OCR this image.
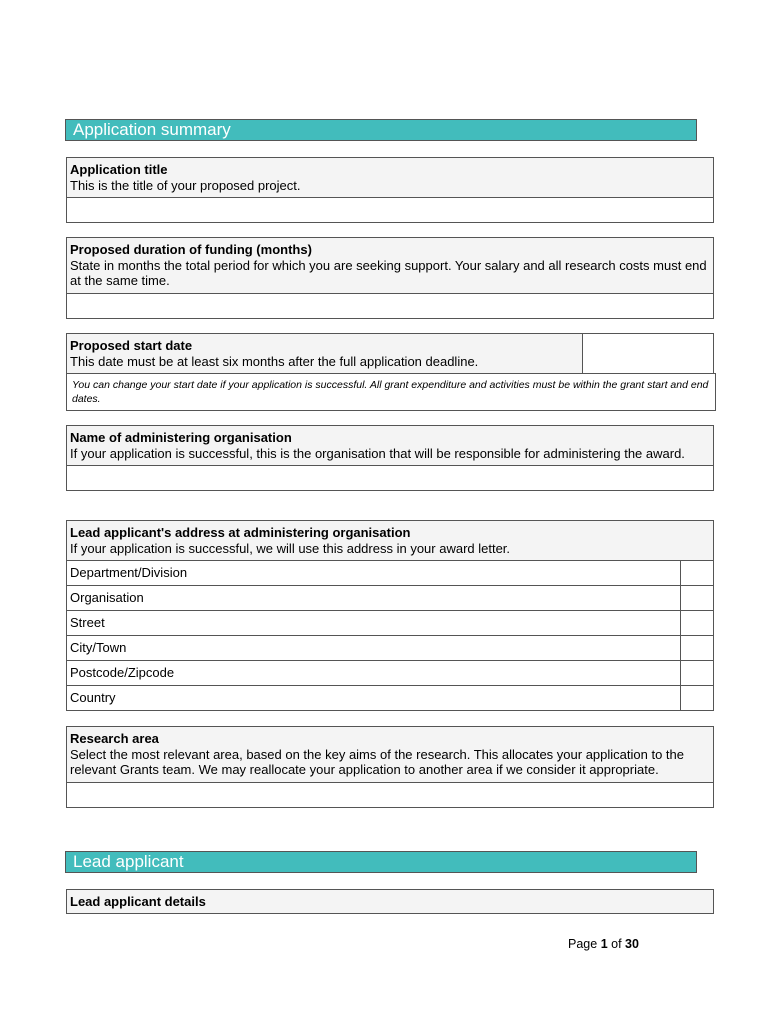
Application summary
Application title
This is the title of your proposed project.
Proposed duration of funding (months)
State in months the total period for which you are seeking support. Your salary and all research costs must end at the same time.
Proposed start date
This date must be at least six months after the full application deadline.
You can change your start date if your application is successful. All grant expenditure and activities must be within the grant start and end dates.
Name of administering organisation
If your application is successful, this is the organisation that will be responsible for administering the award.
Lead applicant's address at administering organisation
If your application is successful, we will use this address in your award letter.
Department/Division
Organisation
Street
City/Town
Postcode/Zipcode
Country
Research area
Select the most relevant area, based on the key aims of the research. This allocates your application to the relevant Grants team. We may reallocate your application to another area if we consider it appropriate.
Lead applicant
Lead applicant details
Page 1 of 30
